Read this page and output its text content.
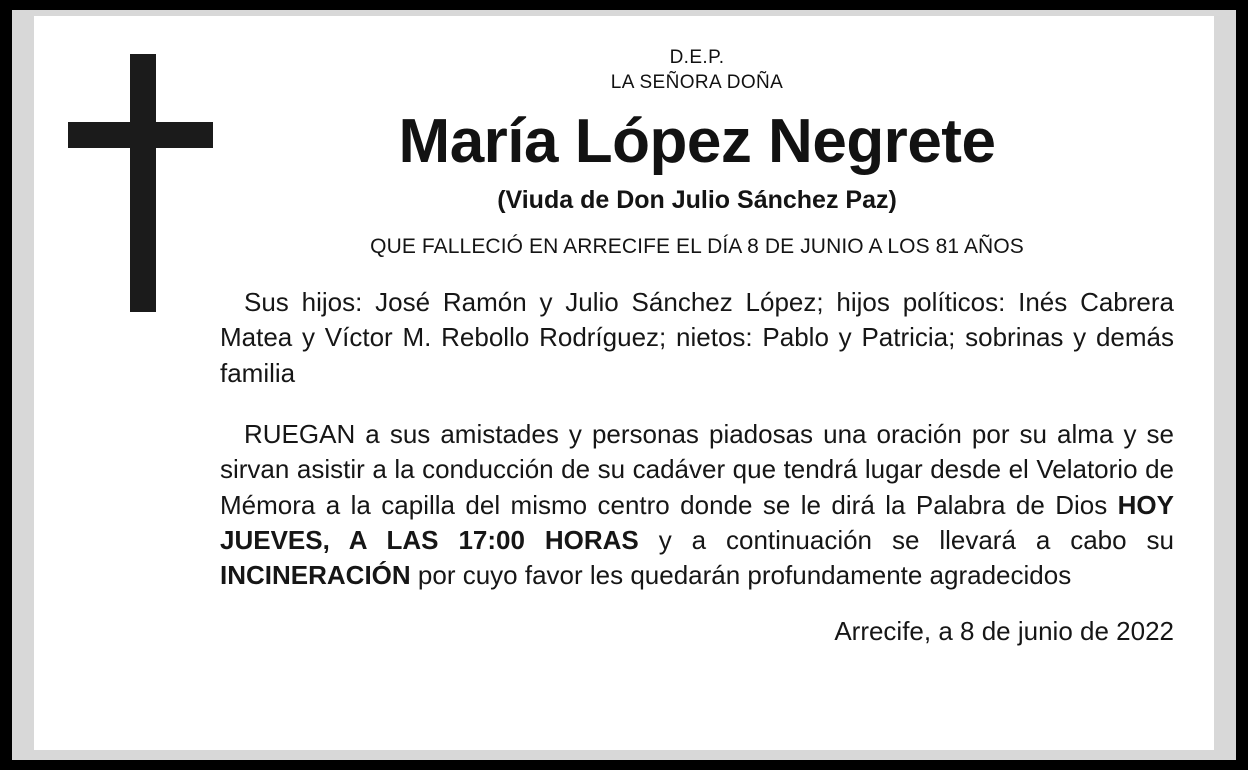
D.E.P.
LA SEÑORA DOÑA
María López Negrete
(Viuda de Don Julio Sánchez Paz)
QUE FALLECIÓ EN ARRECIFE EL DÍA 8 DE JUNIO A LOS 81 AÑOS
Sus hijos: José Ramón y Julio Sánchez López; hijos políticos: Inés Cabrera Matea y Víctor M. Rebollo Rodríguez; nietos: Pablo y Patricia; sobrinas y demás familia
RUEGAN a sus amistades y personas piadosas una oración por su alma y se sirvan asistir a la conducción de su cadáver que tendrá lugar desde el Velatorio de Mémora a la capilla del mismo centro donde se le dirá la Palabra de Dios HOY JUEVES, A LAS 17:00 HORAS y a continuación se llevará a cabo su INCINERACIÓN por cuyo favor les quedarán profundamente agradecidos
Arrecife, a 8 de junio de 2022
